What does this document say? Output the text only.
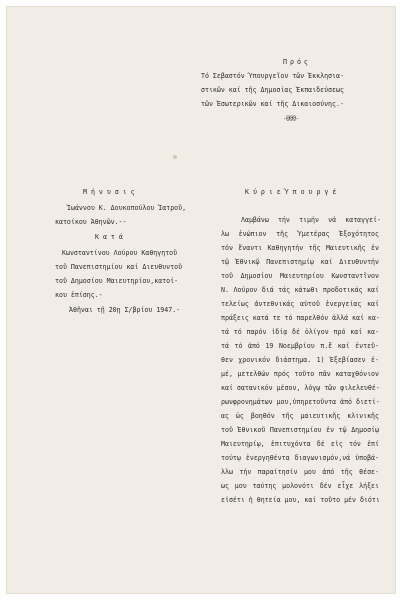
Πρός
Τό Σεβαστόν Ύπουργεῖον τῶν Ἐκκλησια-
στικῶν καί τῆς Δημοσίας Ἐκπαιδεύσεως
τῶν Ἐσωτερικῶν καί τῆς Δικαιοσύνης.-
-@@@-
Μ ή ν υ σ ι ς
Ἰωάννου Κ. Δουκοπούλου Ἰατροῦ,
κατοίκου Ἀθηνῶν.--
Κ α τ ά
Κωνσταντίνου Λούρου Καθηγητοῦ
τοῦ Πανεπιστημίου καί Διευθυντοῦ
τοῦ Δημοσίου Μαιευτηρίου,κατοί-
κου ἐπίσης.-
Ἀθῆναι τῇ 20ῃ Σ/βρίου 1947.-
Κ ύ ρ ι ε Ὑ π ο υ ρ γ έ
Λαμβάνω τήν τιμήν νά καταγγεί-
λω ἐνώπιον τῆς Ὑμετέρας Ἐξοχότητος
τόν ἔναντι Καθηγητήν τῆς Μαιευτικῆς ἐν
τῷ Ἐθνικῷ Πανεπιστημίῳ καί Διευθυντήν
τοῦ Δημοσίου Μαιευτηρίου Κωνσταντῖνον
Ν. Λούρον διά τάς κάτωθι προδοτικάς καί
τελείως ἀντεθνικάς αὐτοῦ ἐνεργείας καί
πράξεις κατά τε τό παρελθόν ἀλλά καί κα-
τά τό παρόν ἰδίᾳ δέ ὀλίγον πρό καί κα-
τά τό ἀπό 19 Νοεμβρίου π.ἔ καί ἐντεῦ-
θεν χρονικόν διάστημα. 1) Ἐξεβίασεν ἐ-
μέ, μετελθών πρός τοῦτο πᾶν καταχθόνιον
καί σατανικόν μέσον, λόγῳ τῶν φιλελευθέ-
ρωνφρονημάτων μου,ὑπηρετοῦντα ἀπό διετί-
ας ὡς βοηθόν τῆς μαιευτικῆς κλινικῆς
τοῦ Ἐθνικοῦ Πανεπιστημίου ἐν τῷ Δημοσίῳ
Μαιευτηρίῳ, ἐπιτυχόντα δέ εἰς τόν ἐπί
τούτῳ ἐνεργηθέντα διαγωνισμόν,νά ὑποβά-
λλω τήν παραίτησίν μου ἀπό τῆς θέσε-
ως μου ταύτης μολονότι δέν εἶχε λήξει
εἰσέτι ἡ θητεία μου, καί τοῦτο μέν διότι
